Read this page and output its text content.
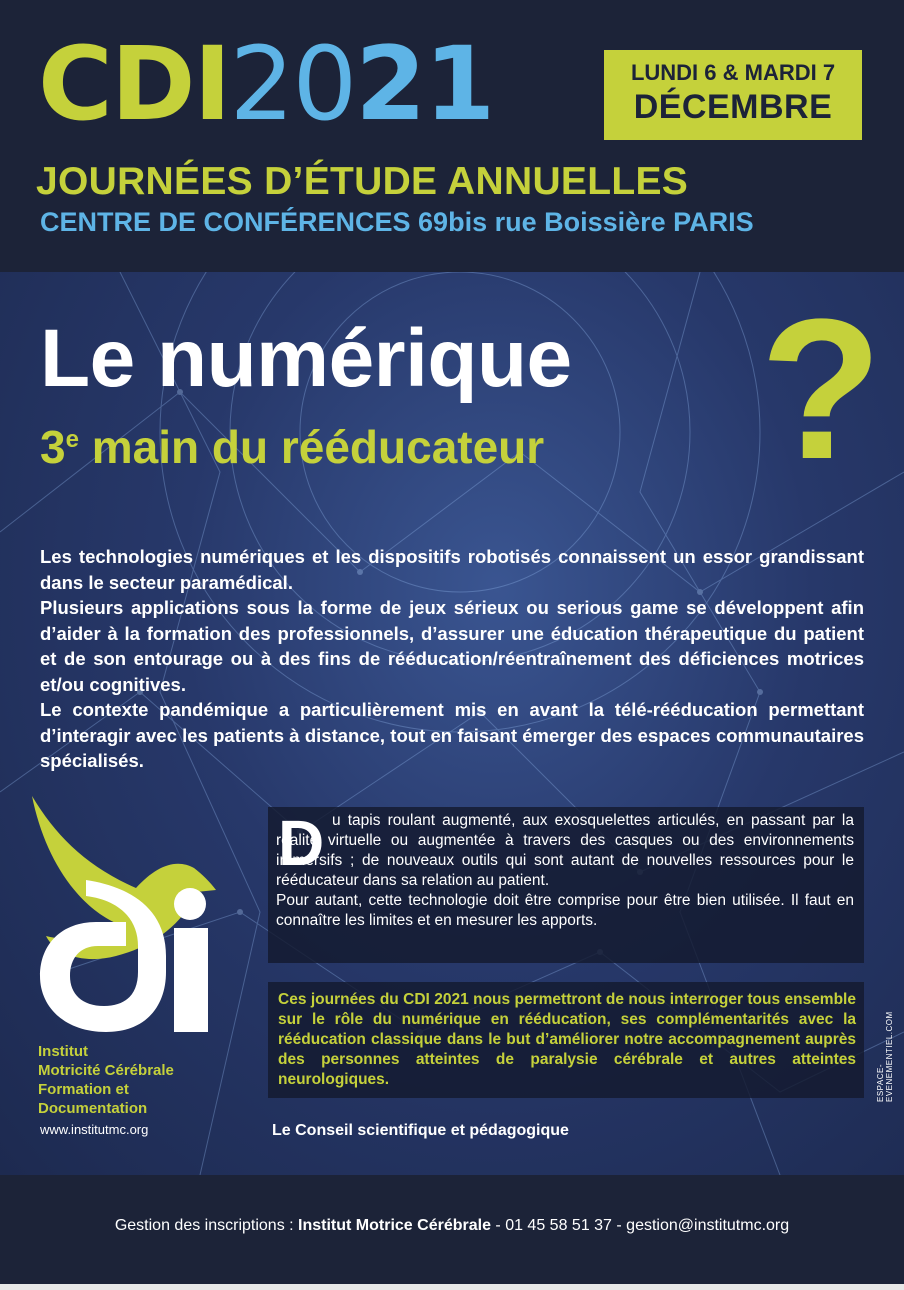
CDI2021	LUNDI 6 & MARDI 7
DÉCEMBRE
JOURNÉES D’ÉTUDE ANNUELLES
CENTRE DE CONFÉRENCES 69bis rue Boissière PARIS
Le numérique ?
3e main du rééducateur

Les technologies numériques et les dispositifs robotisés connaissent un essor grandissant dans le secteur paramédical.

Plusieurs applications sous la forme de jeux sérieux ou serious game se développent afin d’aider à la formation des professionnels, d’assurer une éducation thérapeutique du patient et de son entourage ou à des fins de rééducation/réentraînement des déficiences motrices et/ou cognitives.

Le contexte pandémique a particulièrement mis en avant la télé-rééducation permettant d’interagir avec les patients à distance, tout en faisant émerger des espaces communautaires spécialisés.

Institut
Motricité Cérébrale
Formation et
Documentation
www.institutmc.org
D u tapis roulant augmenté, aux exosquelettes articulés, en passant par la réalité virtuelle ou augmentée à travers des casques ou des environnements immersifs ; de nouveaux outils qui sont autant de nouvelles ressources pour le rééducateur dans sa relation au patient.

Pour autant, cette technologie doit être comprise pour être bien utilisée. Il faut en connaître les limites et en mesurer les apports.

Ces journées du CDI 2021 nous permettront de nous interroger tous ensemble sur le rôle du numérique en rééducation, ses complémentarités avec la rééducation classique dans le but d’améliorer notre accompagnement auprès des personnes atteintes de paralysie cérébrale et autres atteintes neurologiques.	ESPACE-EVENEMENTIEL.COM
Le Conseil scientifique et pédagogique
Gestion des inscriptions : Institut Motrice Cérébrale - 01 45 58 51 37 - gestion@institutmc.org
